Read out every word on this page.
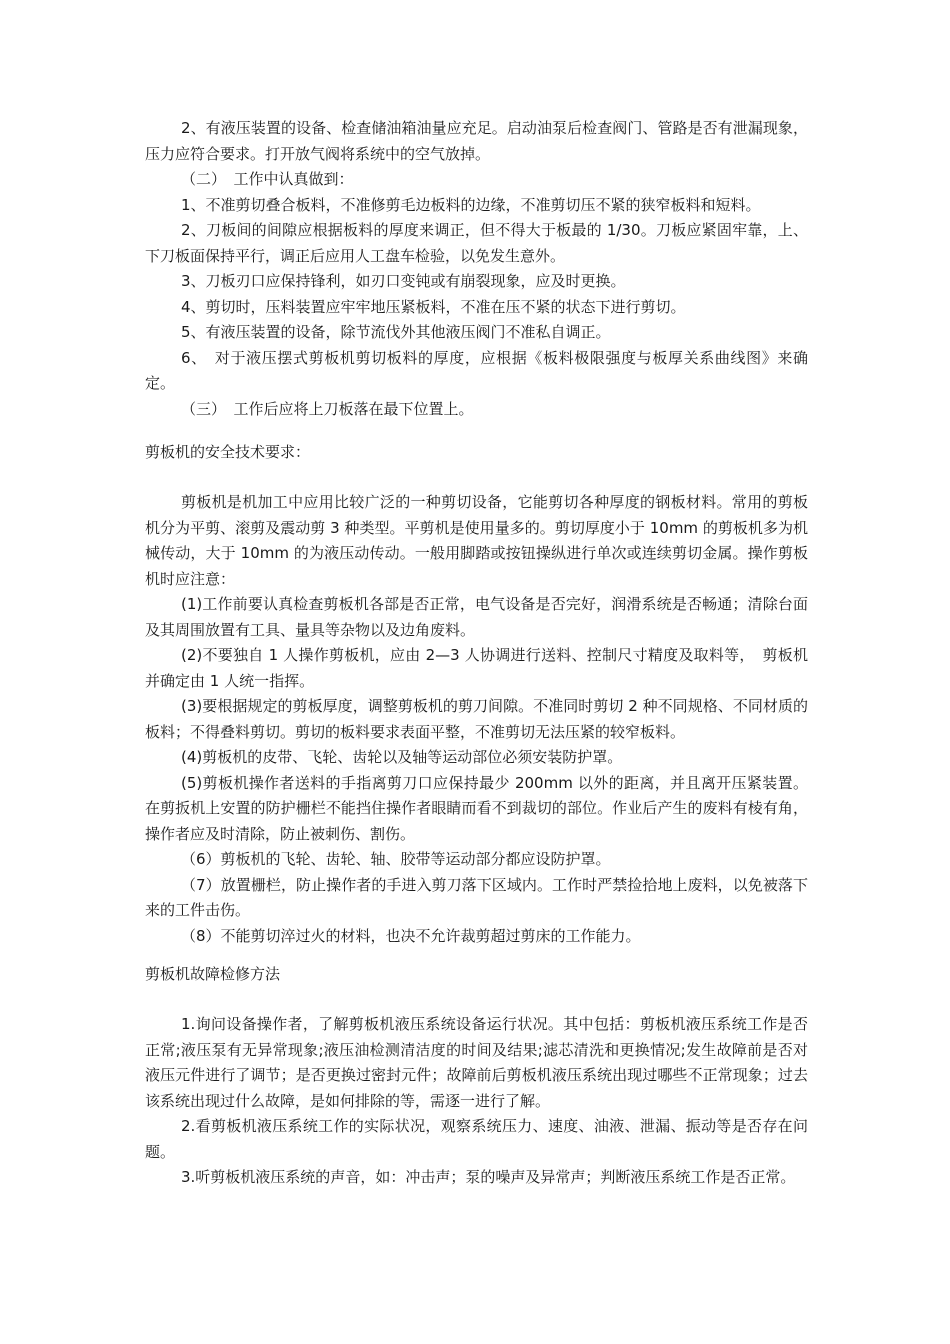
2、有液压装置的设备、检查储油箱油量应充足。启动油泵后检查阀门、管路是否有泄漏现象，压力应符合要求。打开放气阀将系统中的空气放掉。

（二）　工作中认真做到：

1、不准剪切叠合板料，不准修剪毛边板料的边缘，不准剪切压不紧的狭窄板料和短料。

2、刀板间的间隙应根据板料的厚度来调正，但不得大于板最的 1/30。刀板应紧固牢靠，上、下刀板面保持平行，调正后应用人工盘车检验，以免发生意外。

3、刀板刃口应保持锋利，如刃口变钝或有崩裂现象，应及时更换。

4、剪切时，压料装置应牢牢地压紧板料，不准在压不紧的状态下进行剪切。

5、有液压装置的设备，除节流伐外其他液压阀门不准私自调正。

6、　对于液压摆式剪板机剪切板料的厚度，应根据《板料极限强度与板厚关系曲线图》来确定。

（三）　工作后应将上刀板落在最下位置上。

剪板机的安全技术要求：

剪板机是机加工中应用比较广泛的一种剪切设备，它能剪切各种厚度的钢板材料。常用的剪板机分为平剪、滚剪及震动剪 3 种类型。平剪机是使用量多的。剪切厚度小于 10mm 的剪板机多为机械传动，大于 10mm 的为液压动传动。一般用脚踏或按钮操纵进行单次或连续剪切金属。操作剪板机时应注意：

(1)工作前要认真检查剪板机各部是否正常，电气设备是否完好，润滑系统是否畅通；清除台面及其周围放置有工具、量具等杂物以及边角废料。

(2)不要独自 1 人操作剪板机，应由 2—3 人协调进行送料、控制尺寸精度及取料等，　剪板机并确定由 1 人统一指挥。

(3)要根据规定的剪板厚度，调整剪板机的剪刀间隙。不准同时剪切 2 种不同规格、不同材质的板料；不得叠料剪切。剪切的板料要求表面平整，不准剪切无法压紧的较窄板料。

(4)剪板机的皮带、飞轮、齿轮以及轴等运动部位必须安装防护罩。

(5)剪板机操作者送料的手指离剪刀口应保持最少 200mm 以外的距离，并且离开压紧装置。在剪扳机上安置的防护栅栏不能挡住操作者眼睛而看不到裁切的部位。作业后产生的废料有棱有角，操作者应及时清除，防止被刺伤、割伤。

（6）剪板机的飞轮、齿轮、轴、胶带等运动部分都应设防护罩。

（7）放置栅栏，防止操作者的手进入剪刀落下区域内。工作时严禁捡拾地上废料，以免被落下来的工件击伤。

（8）不能剪切淬过火的材料，也决不允许裁剪超过剪床的工作能力。

剪板机故障检修方法

1.询问设备操作者，了解剪板机液压系统设备运行状况。其中包括：剪板机液压系统工作是否正常;液压泵有无异常现象;液压油检测清洁度的时间及结果;滤芯清洗和更换情况;发生故障前是否对液压元件进行了调节；是否更换过密封元件；故障前后剪板机液压系统出现过哪些不正常现象；过去该系统出现过什么故障，是如何排除的等，需逐一进行了解。

2.看剪板机液压系统工作的实际状况，观察系统压力、速度、油液、泄漏、振动等是否存在问题。

3.听剪板机液压系统的声音，如：冲击声；泵的噪声及异常声；判断液压系统工作是否正常。
